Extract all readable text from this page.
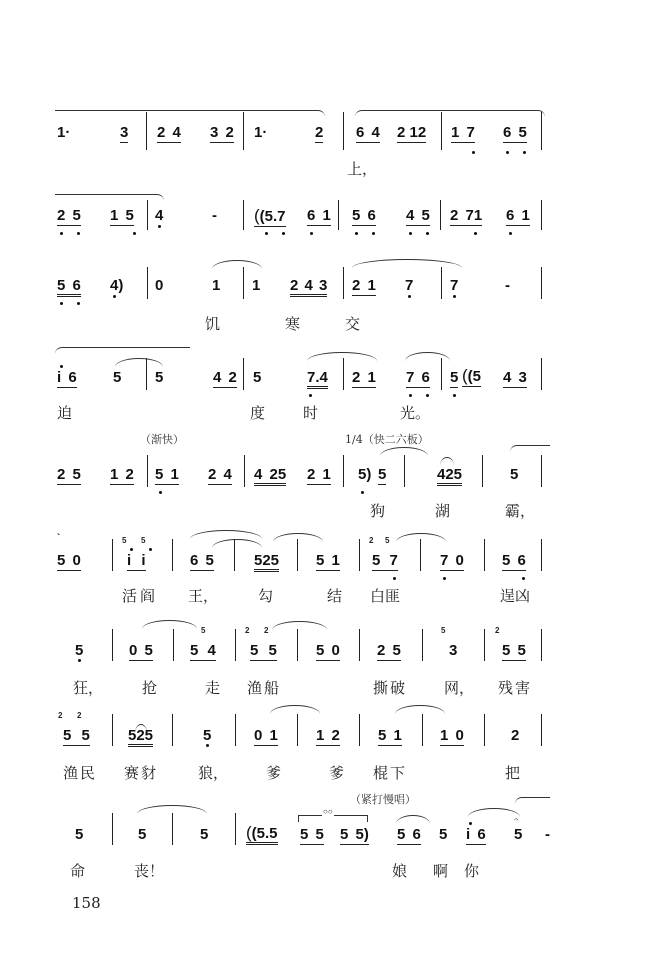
1·	3 2 4 3 2 1·	2 6 4 2 12 1 7 6 5
上，
2 5 1 5 4	- ((5.7 6 1 5 6 4 5 2 71 6 1
5 6 4) 0	1 1 2 4 3 2 1 7 7	-
饥	寒	交
i 6 5 5	4 2 5	7.4 2 1 7 6 5 ((5 4 3
迫	度	时	光。
（渐快）	1/4（快二六板）
2 5 1 2 5 1 2 4 4 25 2 1 5) 5	425	5
狗	湖	霸，
`
5 0
5 5
i i	6 5	525 5 1
2 5
5 7	7 0	5 6
活阎 王，	勾	结 白匪	逞凶
5	0 5
5
5 4
2 2
5 5	5 0 2 5
5
3
2
5 5
狂，	抢	走 渔船	撕破 网， 残害
2 2
5 5	525	5	0 1	1 2	5 1	1 0	2
渔民 赛豺	狼，	爹	爹 棍下	把
（紧打慢唱）
○○
5	5	5 ((5.5 5 5 5 5) 5 6 5 i 6
𝄐
5 -
命	丧！	娘 啊 你
158
